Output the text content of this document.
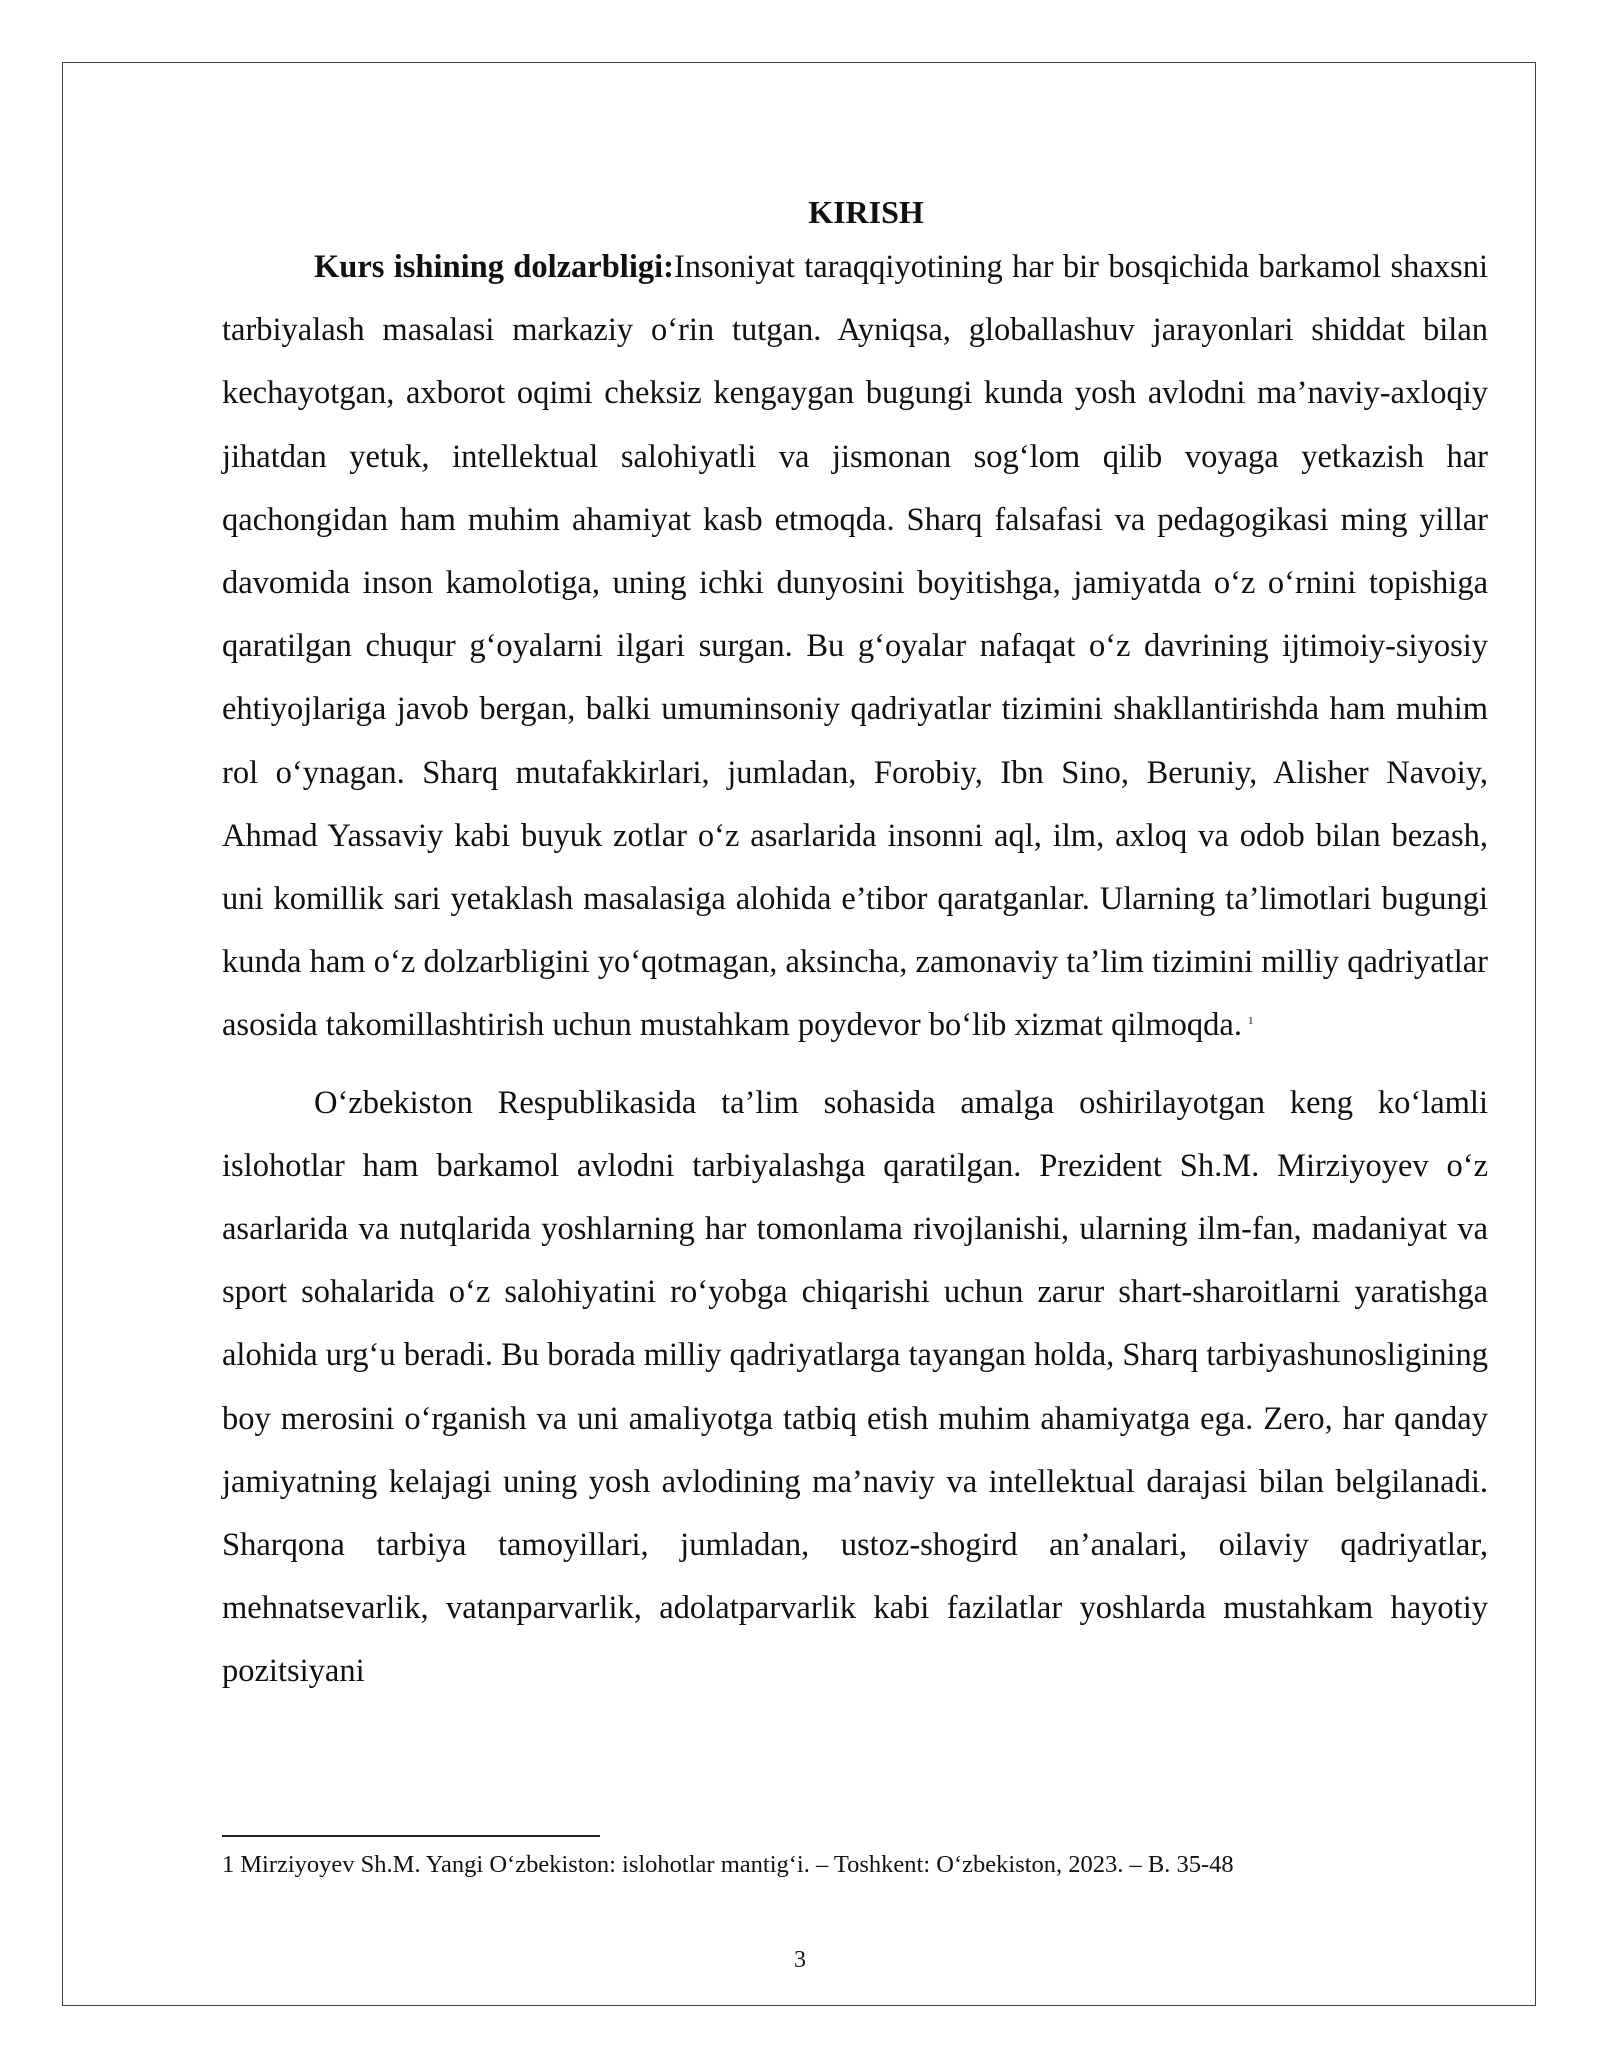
KIRISH

Kurs ishining dolzarbligi:Insoniyat taraqqiyotining har bir bosqichida barkamol shaxsni tarbiyalash masalasi markaziy oʻrin tutgan. Ayniqsa, globallashuv jarayonlari shiddat bilan kechayotgan, axborot oqimi cheksiz kengaygan bugungi kunda yosh avlodni ma’naviy-axloqiy jihatdan yetuk, intellektual salohiyatli va jismonan sogʻlom qilib voyaga yetkazish har qachongidan ham muhim ahamiyat kasb etmoqda. Sharq falsafasi va pedagogikasi ming yillar davomida inson kamolotiga, uning ichki dunyosini boyitishga, jamiyatda oʻz oʻrnini topishiga qaratilgan chuqur gʻoyalarni ilgari surgan. Bu gʻoyalar nafaqat oʻz davrining ijtimoiy-siyosiy ehtiyojlariga javob bergan, balki umuminsoniy qadriyatlar tizimini shakllantirishda ham muhim rol oʻynagan. Sharq mutafakkirlari, jumladan, Forobiy, Ibn Sino, Beruniy, Alisher Navoiy, Ahmad Yassaviy kabi buyuk zotlar oʻz asarlarida insonni aql, ilm, axloq va odob bilan bezash, uni komillik sari yetaklash masalasiga alohida e’tibor qaratganlar. Ularning ta’limotlari bugungi kunda ham oʻz dolzarbligini yoʻqotmagan, aksincha, zamonaviy ta’lim tizimini milliy qadriyatlar asosida takomillashtirish uchun mustahkam poydevor boʻlib xizmat qilmoqda. $^1$

Oʻzbekiston Respublikasida ta’lim sohasida amalga oshirilayotgan keng koʻlamli islohotlar ham barkamol avlodni tarbiyalashga qaratilgan. Prezident Sh.M. Mirziyoyev oʻz asarlarida va nutqlarida yoshlarning har tomonlama rivojlanishi, ularning ilm-fan, madaniyat va sport sohalarida oʻz salohiyatini roʻyobga chiqarishi uchun zarur shart-sharoitlarni yaratishga alohida urgʻu beradi. Bu borada milliy qadriyatlarga tayangan holda, Sharq tarbiyashunosligining boy merosini oʻrganish va uni amaliyotga tatbiq etish muhim ahamiyatga ega. Zero, har qanday jamiyatning kelajagi uning yosh avlodining ma’naviy va intellektual darajasi bilan belgilanadi. Sharqona tarbiya tamoyillari, jumladan, ustoz-shogird an’analari, oilaviy qadriyatlar, mehnatsevarlik, vatanparvarlik, adolatparvarlik kabi fazilatlar yoshlarda mustahkam hayotiy pozitsiyani

1 Mirziyoyev Sh.M. Yangi Oʻzbekiston: islohotlar mantigʻi. – Toshkent: Oʻzbekiston, 2023. – B. 35-48
3
